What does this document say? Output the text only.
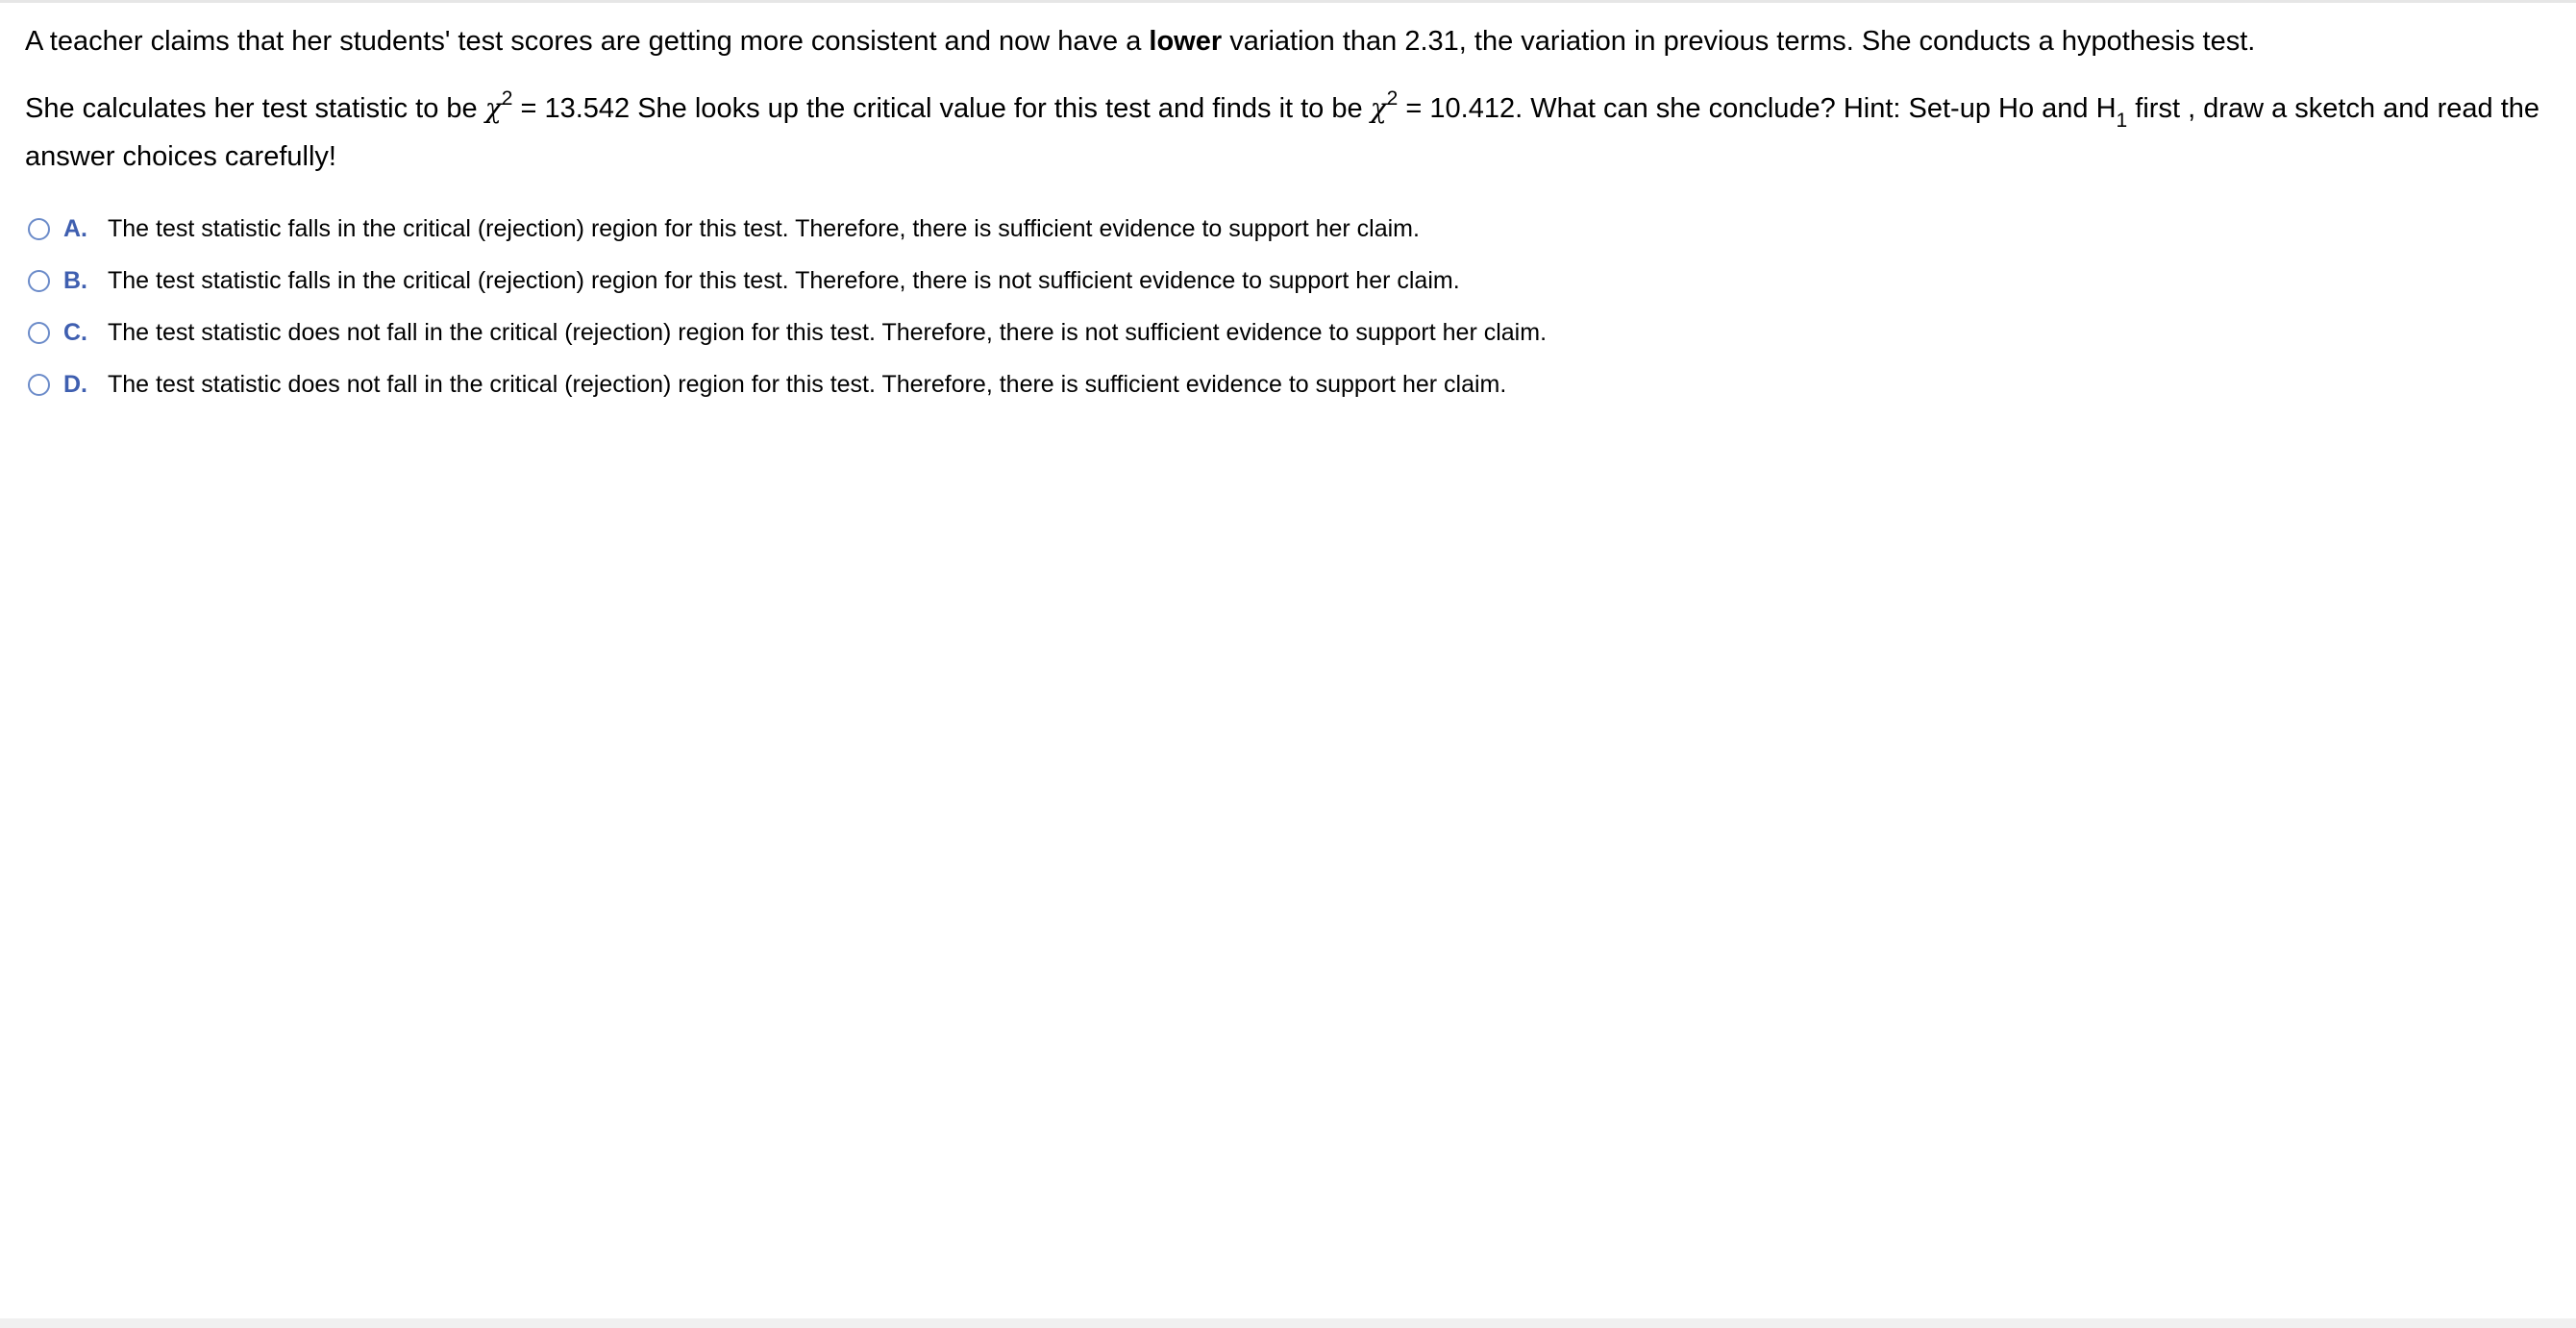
A teacher claims that her students' test scores are getting more consistent and now have a lower variation than 2.31, the variation in previous terms. She conducts a hypothesis test.

She calculates her test statistic to be $\chi^2 = 13.542$ She looks up the critical value for this test and finds it to be $\chi^2 = 10.412$. What can she conclude? Hint: Set-up Ho and $H_1$ first , draw a sketch and read the answer choices carefully!

A. The test statistic falls in the critical (rejection) region for this test. Therefore, there is sufficient evidence to support her claim.
B. The test statistic falls in the critical (rejection) region for this test. Therefore, there is not sufficient evidence to support her claim.
C. The test statistic does not fall in the critical (rejection) region for this test. Therefore, there is not sufficient evidence to support her claim.
D. The test statistic does not fall in the critical (rejection) region for this test. Therefore, there is sufficient evidence to support her claim.
